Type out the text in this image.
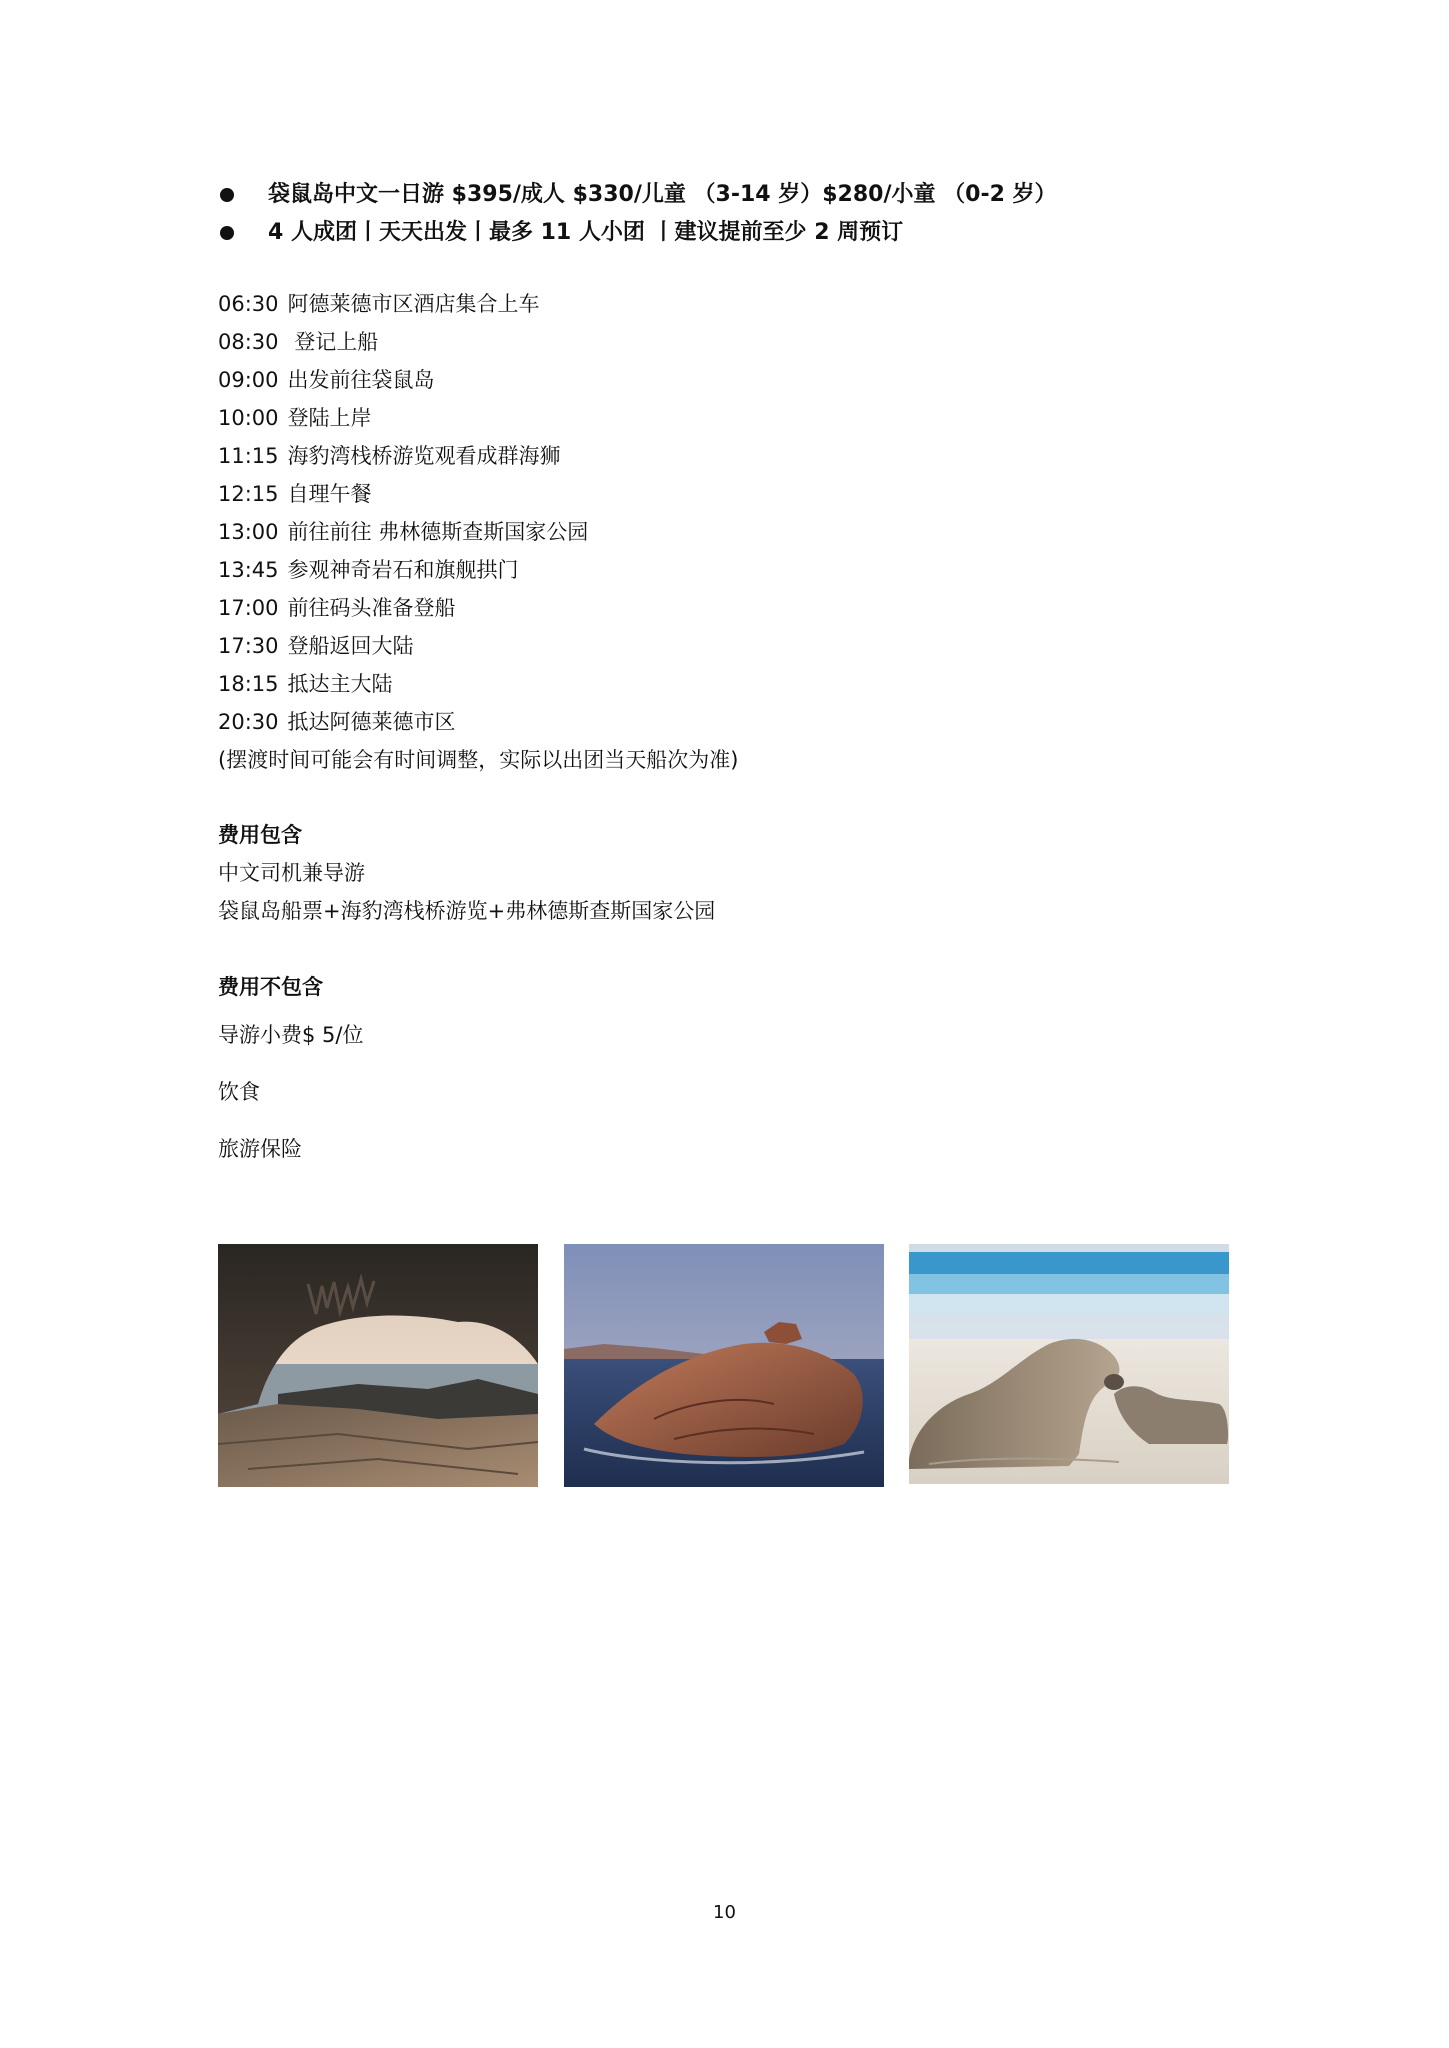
袋鼠岛中文一日游 $395/成人 $330/儿童 （3-14 岁）$280/小童 （0-2 岁）
4 人成团丨天天出发丨最多 11 人小团 丨建议提前至少 2 周预订
06:30 阿德莱德市区酒店集合上车
08:30 登记上船
09:00 出发前往袋鼠岛
10:00 登陆上岸
11:15 海豹湾栈桥游览观看成群海狮
12:15 自理午餐
13:00 前往前往 弗林德斯查斯国家公园
13:45 参观神奇岩石和旗舰拱门
17:00 前往码头准备登船
17:30 登船返回大陆
18:15 抵达主大陆
20:30 抵达阿德莱德市区
(摆渡时间可能会有时间调整，实际以出团当天船次为准)
费用包含
中文司机兼导游
袋鼠岛船票+海豹湾栈桥游览+弗林德斯查斯国家公园
费用不包含
导游小费$ 5/位
饮食
旅游保险
10
